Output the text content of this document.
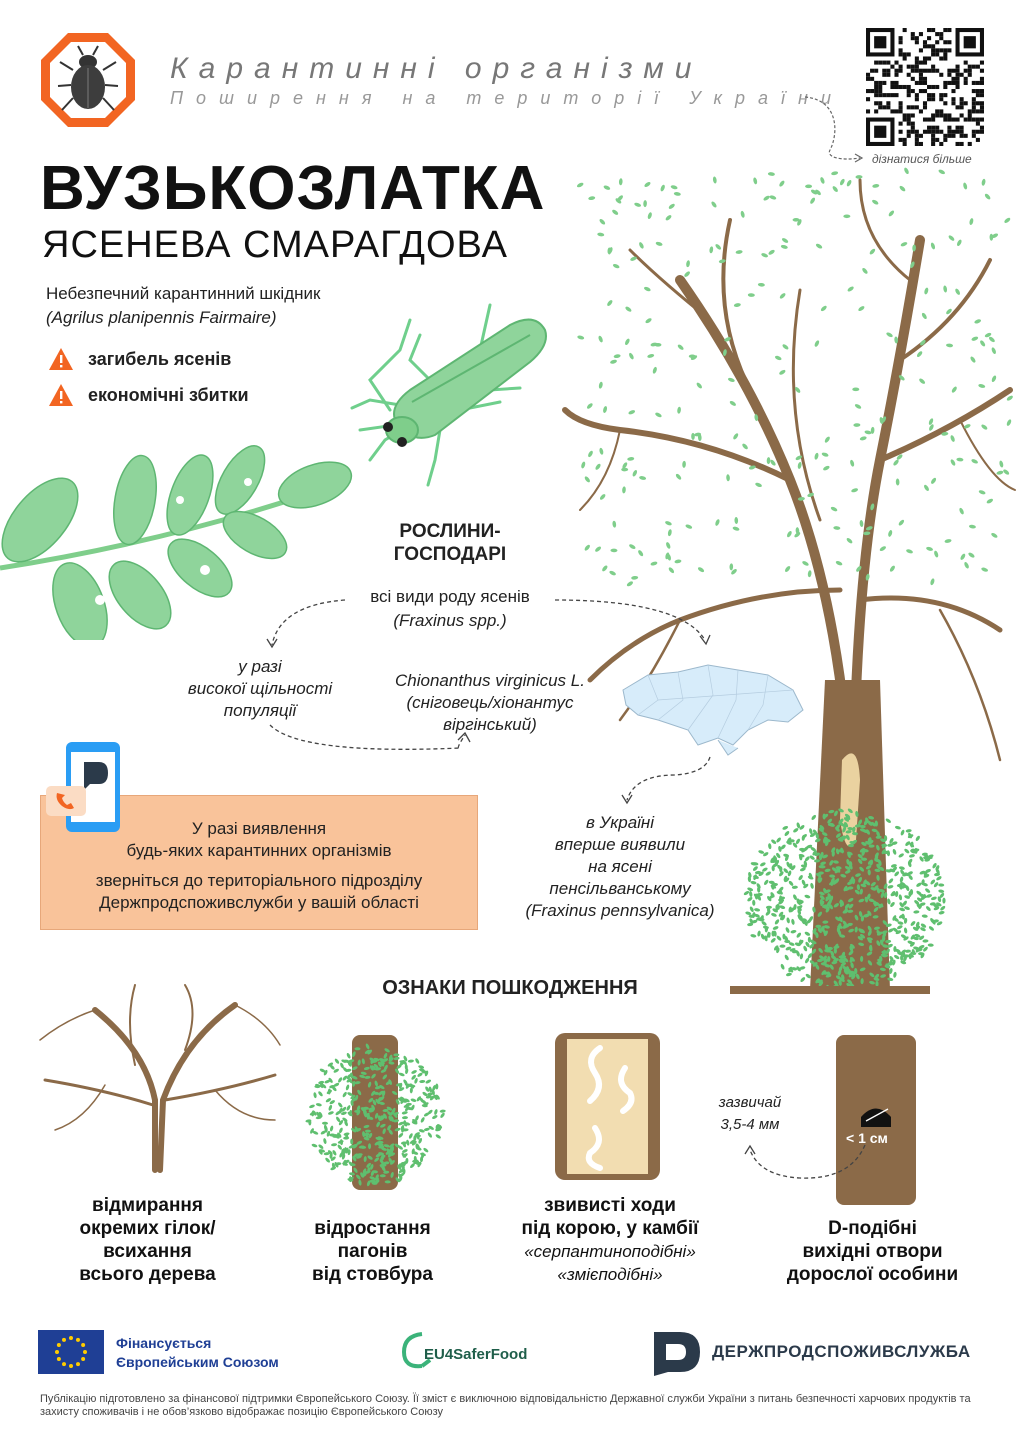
Карантинні організми
Поширення на території України
дізнатися більше
ВУЗЬКОЗЛАТКА
ЯСЕНЕВА СМАРАГДОВА
Небезпечний карантинний шкідник
(Agrilus planipennis Fairmaire)
загибель ясенів
економічні збитки
РОСЛИНИ-
ГОСПОДАРІ
всі види роду ясенів
(Fraxinus spp.)
у разі
високої щільності
популяції
Chionanthus virginicus L.
(сніговець/хіонантус
віргінський)
в Україні
вперше виявили
на ясені
пенсільванському
(Fraxinus pennsylvanica)
У разі виявлення
будь-яких карантинних організмів
зверніться до територіального підрозділу
Держпродспоживслужби у вашій області
ОЗНАКИ ПОШКОДЖЕННЯ
< 1 см
зазвичай
3,5-4 мм
відмирання
окремих гілок/
всихання
всього дерева
відростання
пагонів
від стовбура
звивисті ходи
під корою, у камбії
«серпантиноподібні»
«змієподібні»
D-подібні
вихідні отвори
дорослої особини
Фінансується
Європейським Союзом	EU4SaferFood	ДЕРЖПРОДСПОЖИВСЛУЖБА
Публікацію підготовлено за фінансової підтримки Європейського Союзу. Її зміст є виключною відповідальністю Державної служби України з питань безпечності харчових продуктів та захисту споживачів і не обов’язково відображає позицію Європейського Союзу
